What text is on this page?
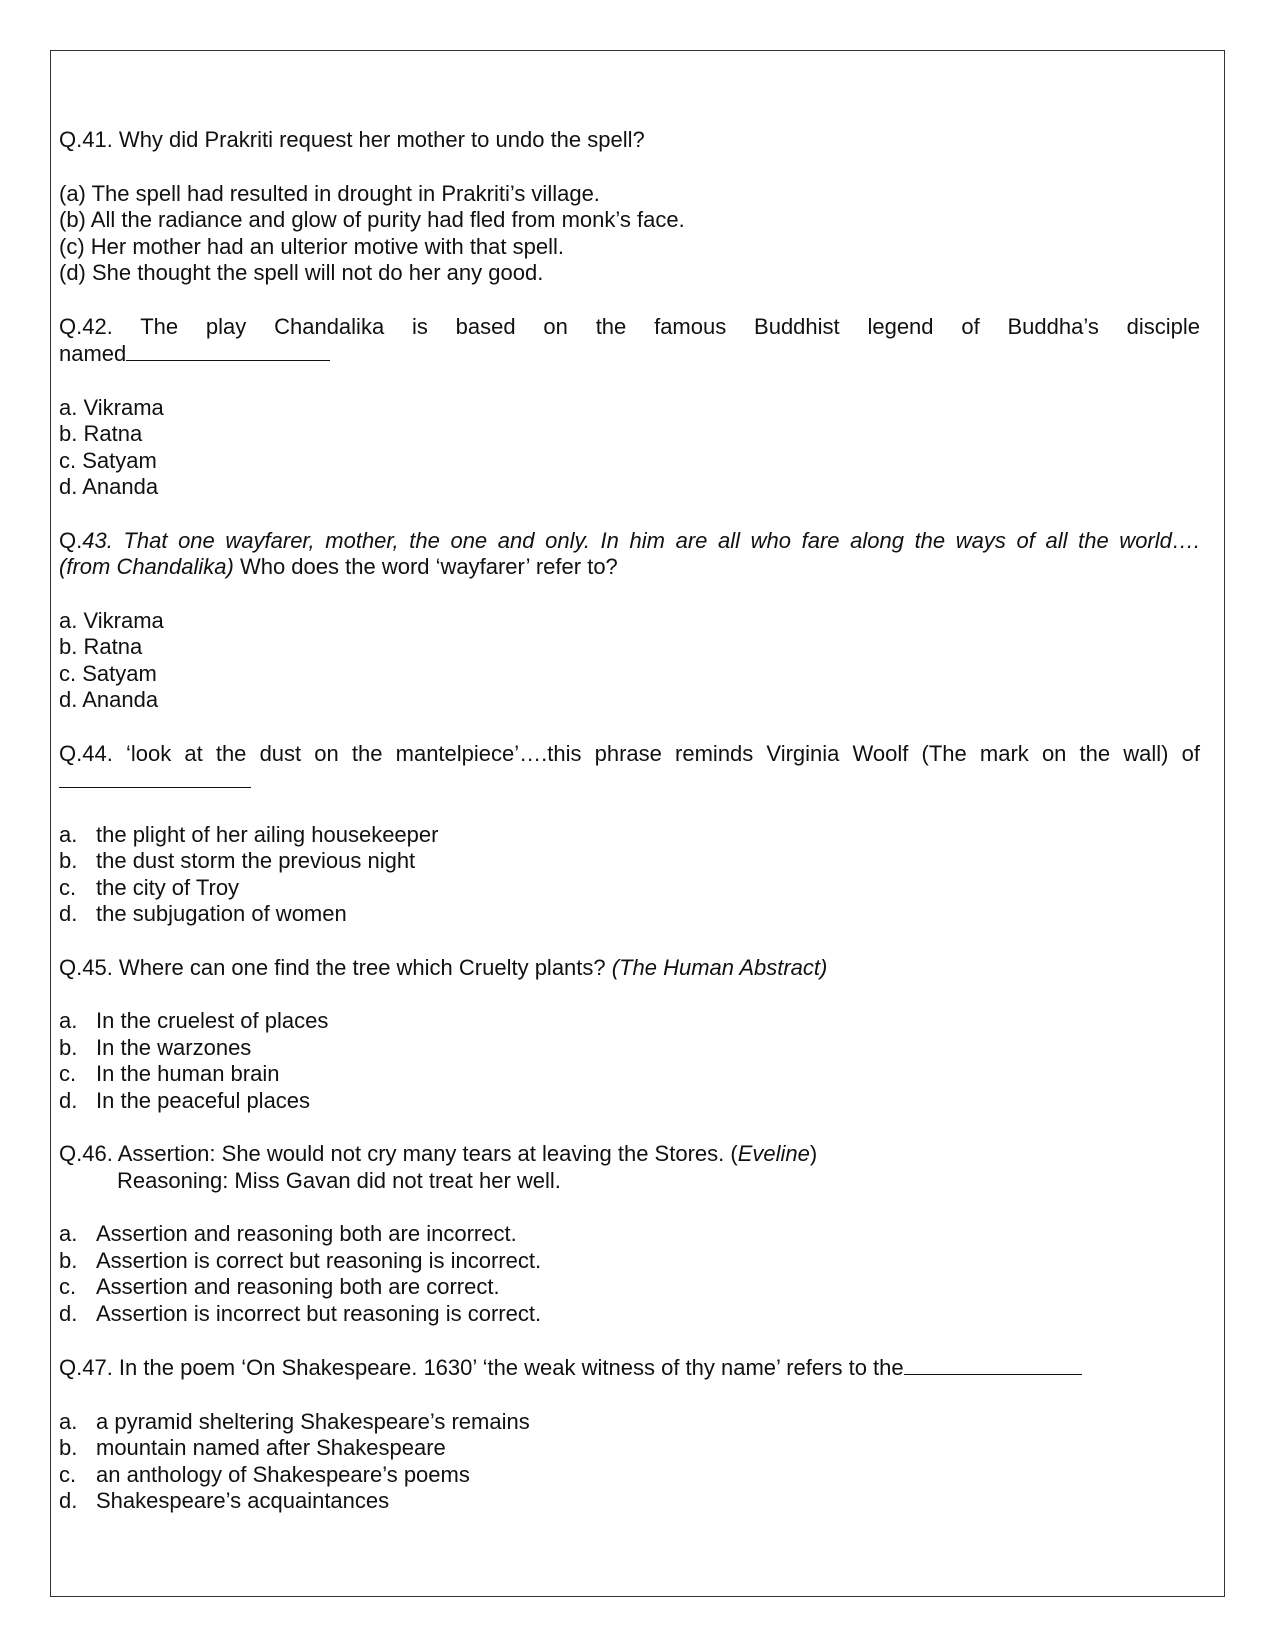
Q.41. Why did Prakriti request her mother to undo the spell?

(a) The spell had resulted in drought in Prakriti’s village.
(b) All the radiance and glow of purity had fled from monk’s face.
(c) Her mother had an ulterior motive with that spell.
(d) She thought the spell will not do her any good.

Q.42. The play Chandalika is based on the famous Buddhist legend of Buddha’s disciple

named

a. Vikrama
b. Ratna
c. Satyam
d. Ananda

Q.43. That one wayfarer, mother, the one and only. In him are all who fare along the ways of all the world….

(from Chandalika) Who does the word ‘wayfarer’ refer to?

a. Vikrama
b. Ratna
c. Satyam
d. Ananda

Q.44. ‘look at the dust on the mantelpiece’….this phrase reminds Virginia Woolf (The mark on the wall) of

a. the plight of her ailing housekeeper
b. the dust storm the previous night
c. the city of Troy
d. the subjugation of women

Q.45. Where can one find the tree which Cruelty plants? (The Human Abstract)

a. In the cruelest of places
b. In the warzones
c. In the human brain
d. In the peaceful places

Q.46. Assertion: She would not cry many tears at leaving the Stores. (Eveline)

Reasoning: Miss Gavan did not treat her well.

a. Assertion and reasoning both are incorrect.
b. Assertion is correct but reasoning is incorrect.
c. Assertion and reasoning both are correct.
d. Assertion is incorrect but reasoning is correct.

Q.47. In the poem ‘On Shakespeare. 1630’ ‘the weak witness of thy name’ refers to the

a. a pyramid sheltering Shakespeare’s remains
b. mountain named after Shakespeare
c. an anthology of Shakespeare’s poems
d. Shakespeare’s acquaintances
